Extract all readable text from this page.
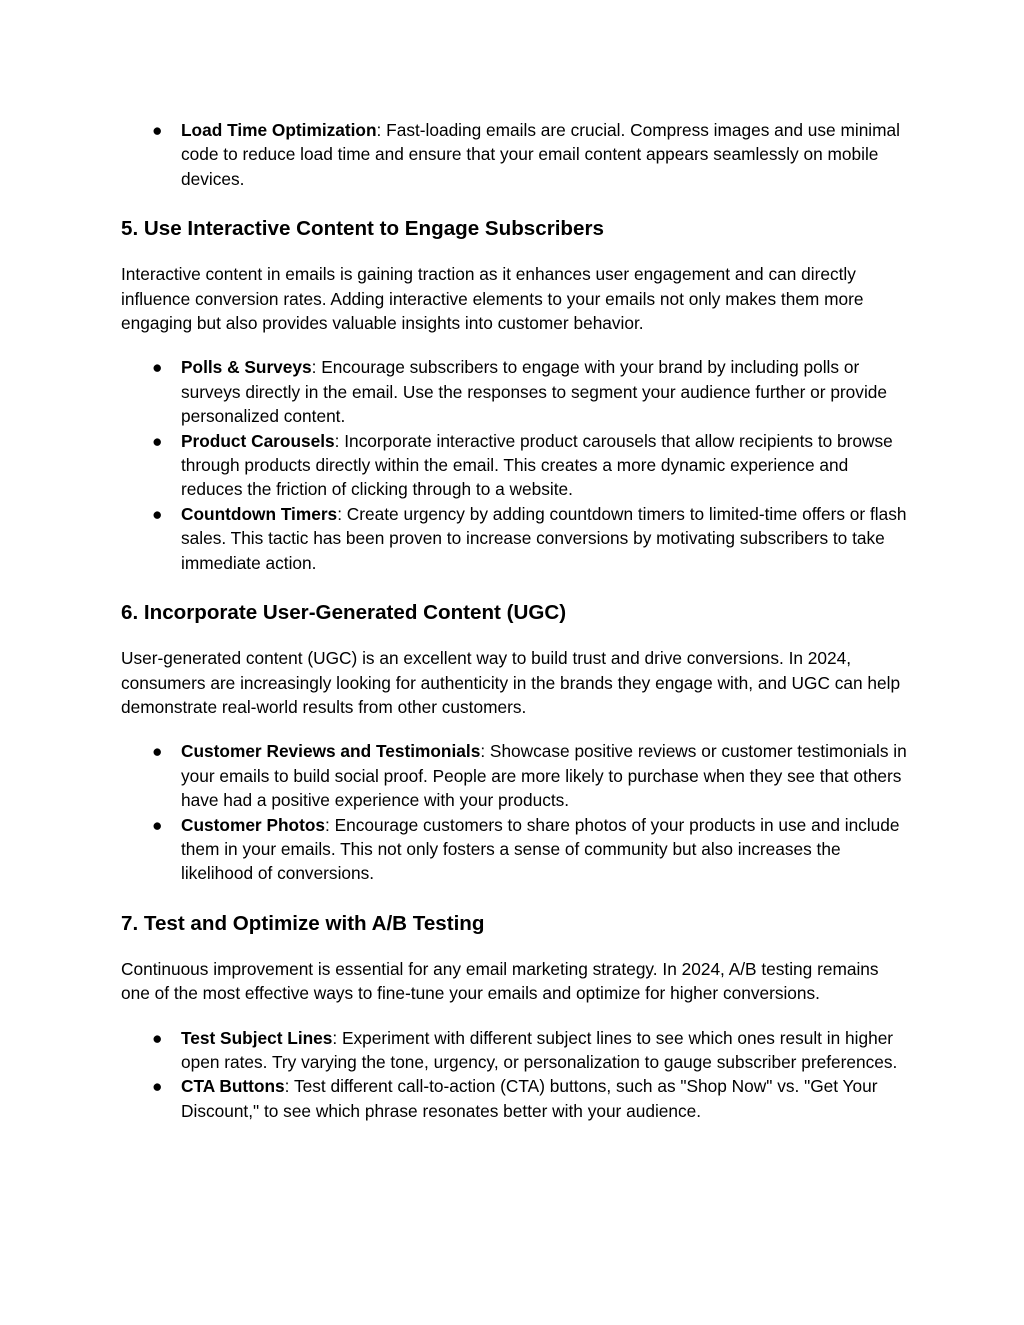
● Load Time Optimization: Fast-loading emails are crucial. Compress images and use minimal code to reduce load time and ensure that your email content appears seamlessly on mobile devices.
5. Use Interactive Content to Engage Subscribers

Interactive content in emails is gaining traction as it enhances user engagement and can directly influence conversion rates. Adding interactive elements to your emails not only makes them more engaging but also provides valuable insights into customer behavior.

● Polls & Surveys: Encourage subscribers to engage with your brand by including polls or surveys directly in the email. Use the responses to segment your audience further or provide personalized content.
● Product Carousels: Incorporate interactive product carousels that allow recipients to browse through products directly within the email. This creates a more dynamic experience and reduces the friction of clicking through to a website.
● Countdown Timers: Create urgency by adding countdown timers to limited-time offers or flash sales. This tactic has been proven to increase conversions by motivating subscribers to take immediate action.
6. Incorporate User-Generated Content (UGC)

User-generated content (UGC) is an excellent way to build trust and drive conversions. In 2024, consumers are increasingly looking for authenticity in the brands they engage with, and UGC can help demonstrate real-world results from other customers.

● Customer Reviews and Testimonials: Showcase positive reviews or customer testimonials in your emails to build social proof. People are more likely to purchase when they see that others have had a positive experience with your products.
● Customer Photos: Encourage customers to share photos of your products in use and include them in your emails. This not only fosters a sense of community but also increases the likelihood of conversions.
7. Test and Optimize with A/B Testing

Continuous improvement is essential for any email marketing strategy. In 2024, A/B testing remains one of the most effective ways to fine-tune your emails and optimize for higher conversions.

● Test Subject Lines: Experiment with different subject lines to see which ones result in higher open rates. Try varying the tone, urgency, or personalization to gauge subscriber preferences.
● CTA Buttons: Test different call-to-action (CTA) buttons, such as "Shop Now" vs. "Get Your Discount," to see which phrase resonates better with your audience.
